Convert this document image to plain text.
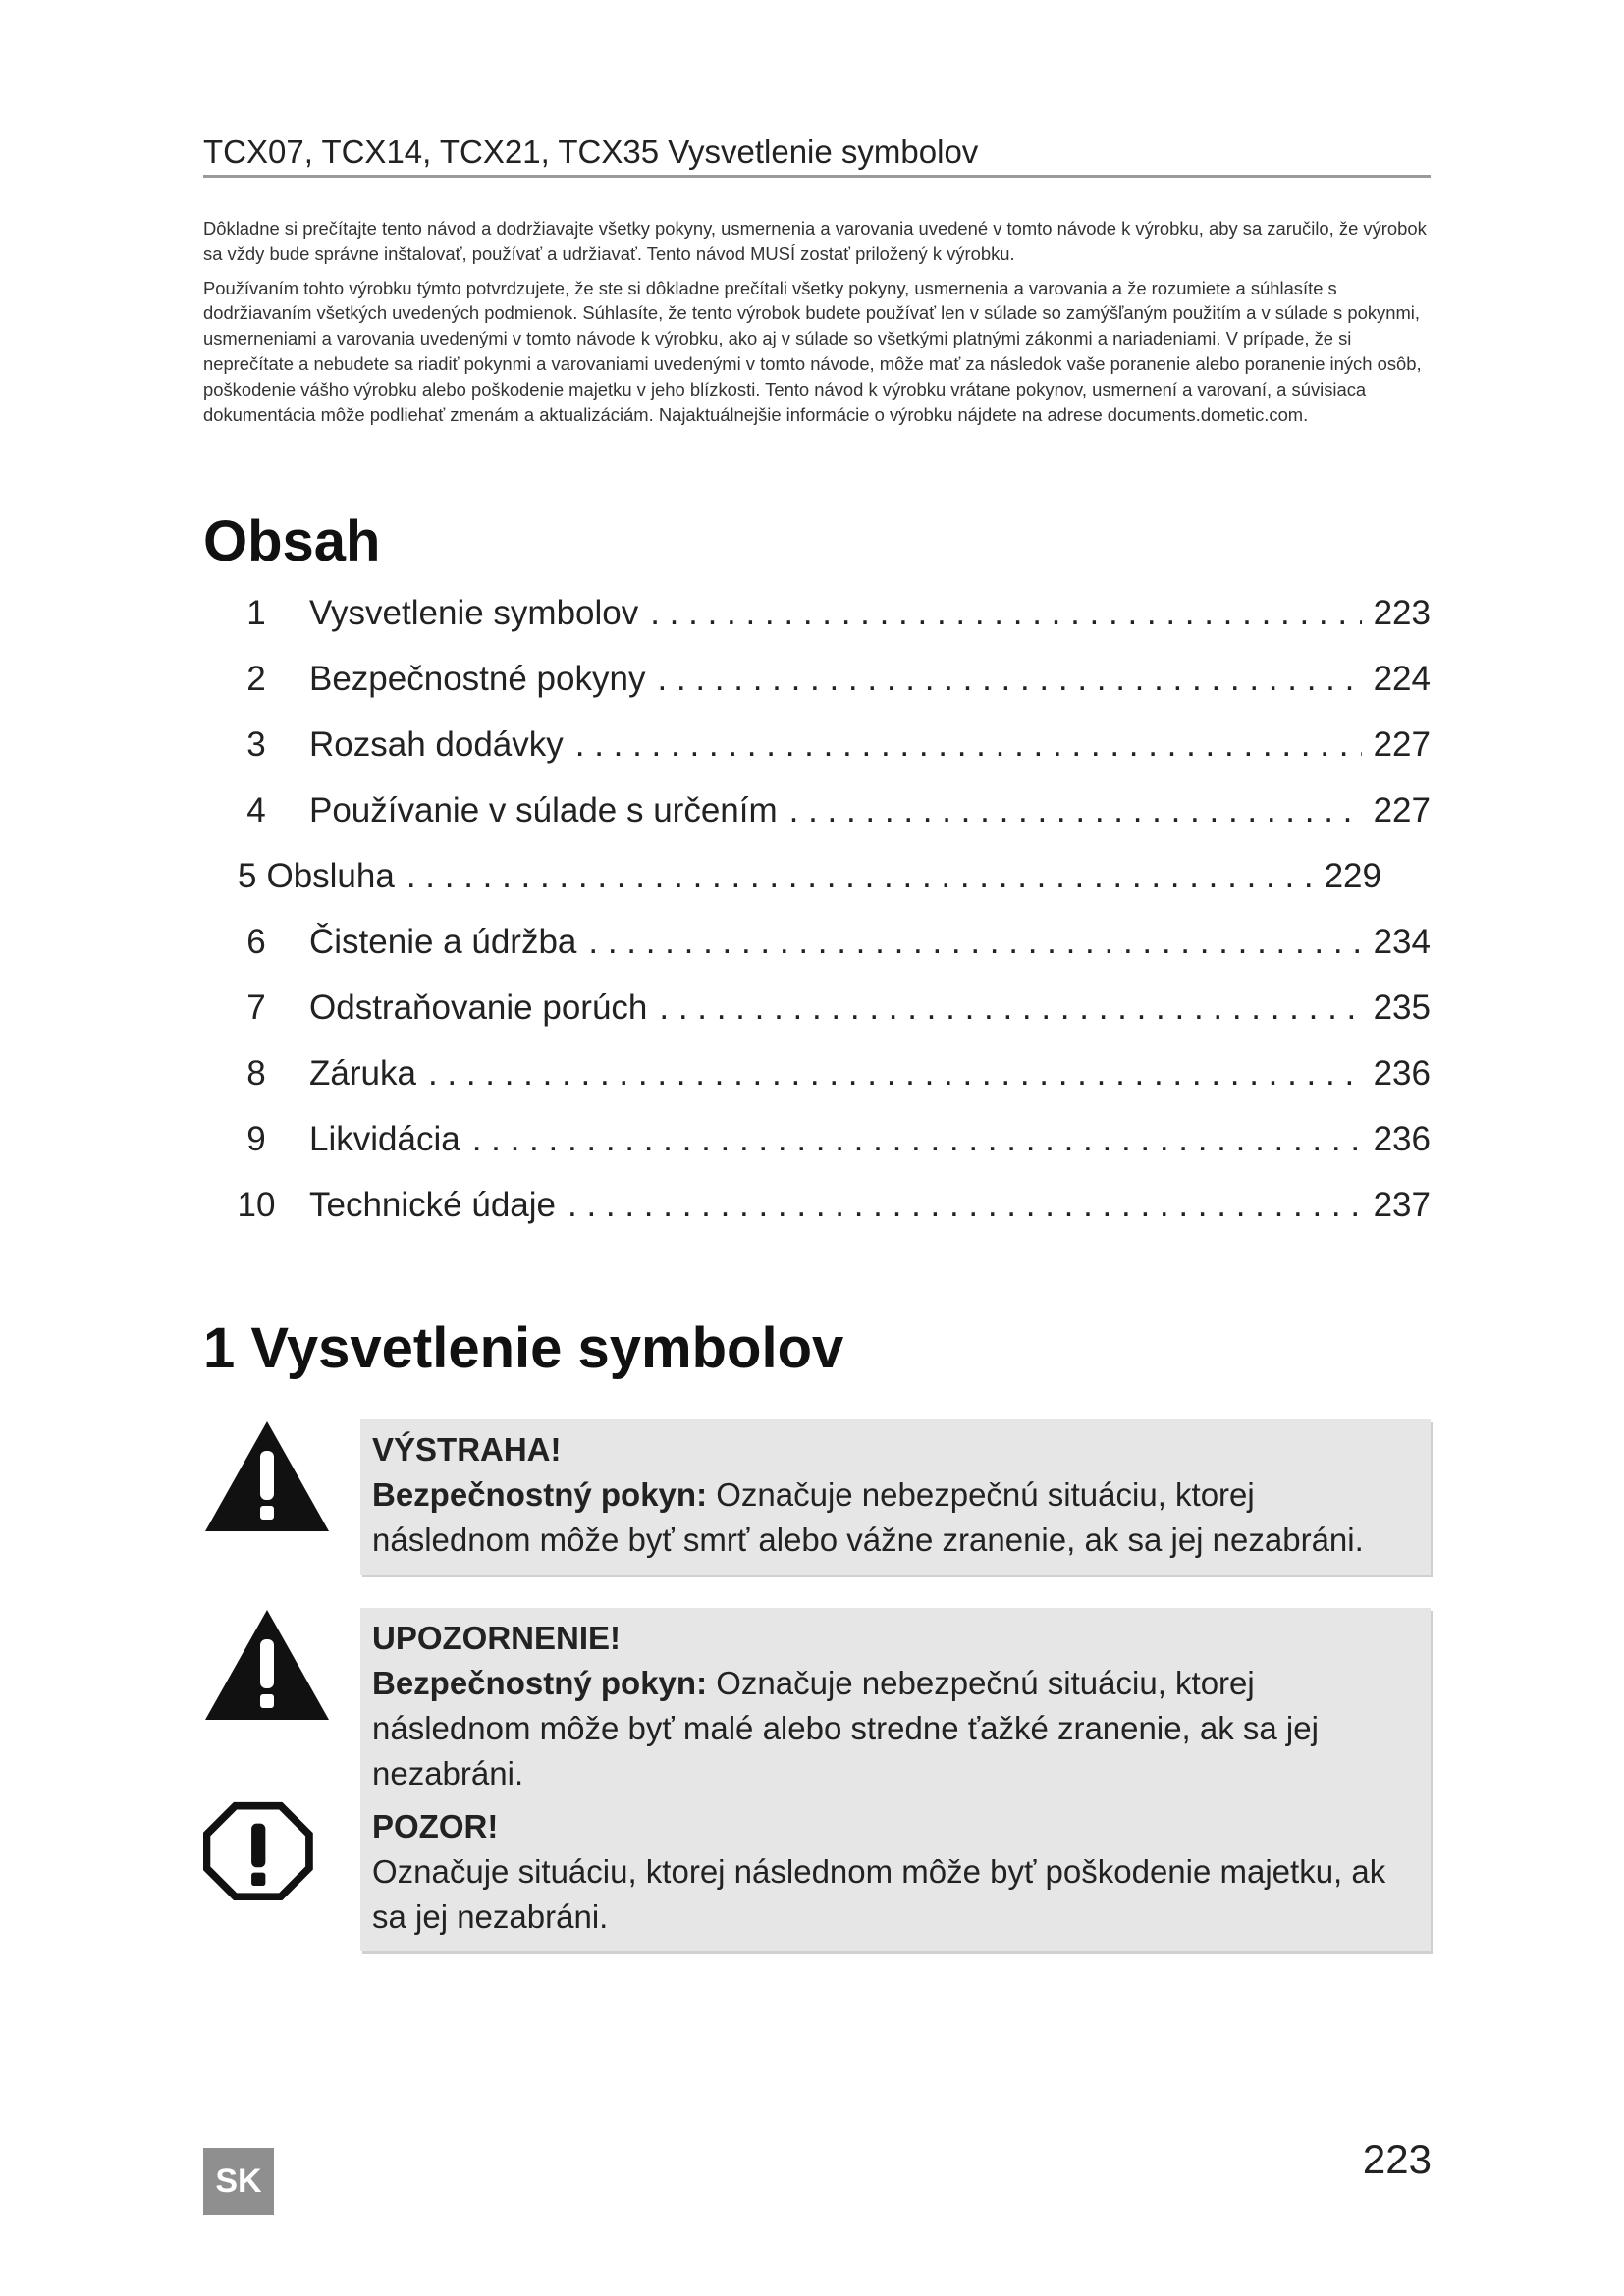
TCX07, TCX14, TCX21, TCX35 Vysvetlenie symbolov

Dôkladne si prečítajte tento návod a dodržiavajte všetky pokyny, usmernenia a varovania uvedené v tomto návode k výrobku, aby sa zaručilo, že výrobok sa vždy bude správne inštalovať, používať a udržiavať. Tento návod MUSÍ zostať priložený k výrobku.

Používaním tohto výrobku týmto potvrdzujete, že ste si dôkladne prečítali všetky pokyny, usmernenia a varovania a že rozumiete a súhlasíte s dodržiavaním všetkých uvedených podmienok. Súhlasíte, že tento výrobok budete používať len v súlade so zamýšľaným použitím a v súlade s pokynmi, usmerneniami a varovania uvedenými v tomto návode k výrobku, ako aj v súlade so všetkými platnými zákonmi a nariadeniami. V prípade, že si neprečítate a nebudete sa riadiť pokynmi a varovaniami uvedenými v tomto návode, môže mať za následok vaše poranenie alebo poranenie iných osôb, poškodenie vášho výrobku alebo poškodenie majetku v jeho blízkosti. Tento návod k výrobku vrátane pokynov, usmernení a varovaní, a súvisiaca dokumentácia môže podliehať zmenám a aktualizáciám. Najaktuálnejšie informácie o výrobku nájdete na adrese documents.dometic.com.

Obsah
1	Vysvetlenie symbolov . . .	223
2	Bezpečnostné pokyny . . .	224
3	Rozsah dodávky . . .	227
4	Používanie v súlade s určením . . .	227
5 Obsluha . . .	229
6	Čistenie a údržba . . .	234
7	Odstraňovanie porúch . . .	235
8	Záruka . . .	236
9	Likvidácia . . .	236
10 Technické údaje . . .	237
1 Vysvetlenie symbolov
VÝSTRAHA!
Bezpečnostný pokyn: Označuje nebezpečnú situáciu, ktorej následnom môže byť smrť alebo vážne zranenie, ak sa jej nezabráni.
UPOZORNENIE!
Bezpečnostný pokyn: Označuje nebezpečnú situáciu, ktorej následnom môže byť malé alebo stredne ťažké zranenie, ak sa jej nezabráni.
POZOR!
Označuje situáciu, ktorej následnom môže byť poškodenie majetku, ak sa jej nezabráni.
SK	223
